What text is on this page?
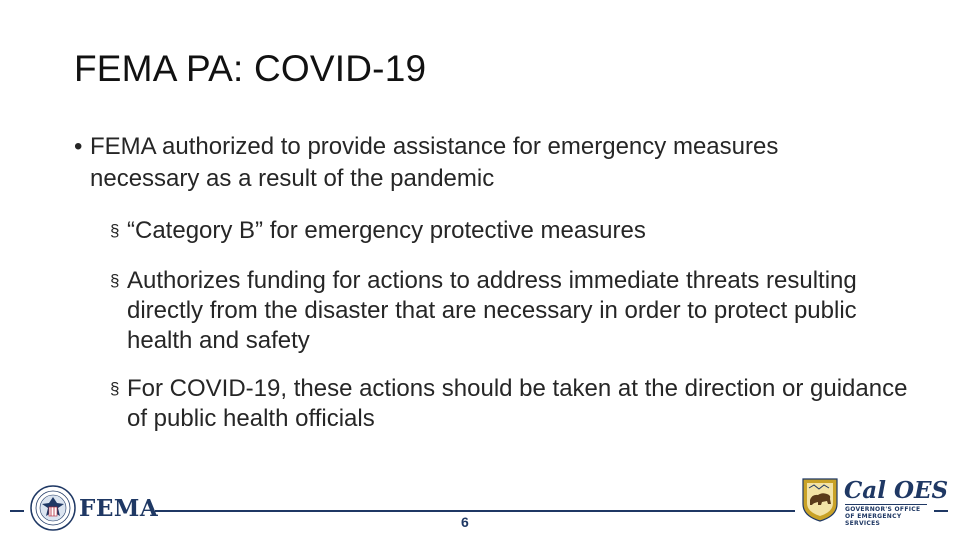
FEMA PA: COVID-19
• FEMA authorized to provide assistance for emergency measures necessary as a result of the pandemic
§ “Category B” for emergency protective measures
§ Authorizes funding for actions to address immediate threats resulting directly from the disaster that are necessary in order to protect public health and safety
§ For COVID-19, these actions should be taken at the direction or guidance of public health officials
FEMA	6
Cal OES
GOVERNOR'S OFFICE
OF EMERGENCY SERVICES
